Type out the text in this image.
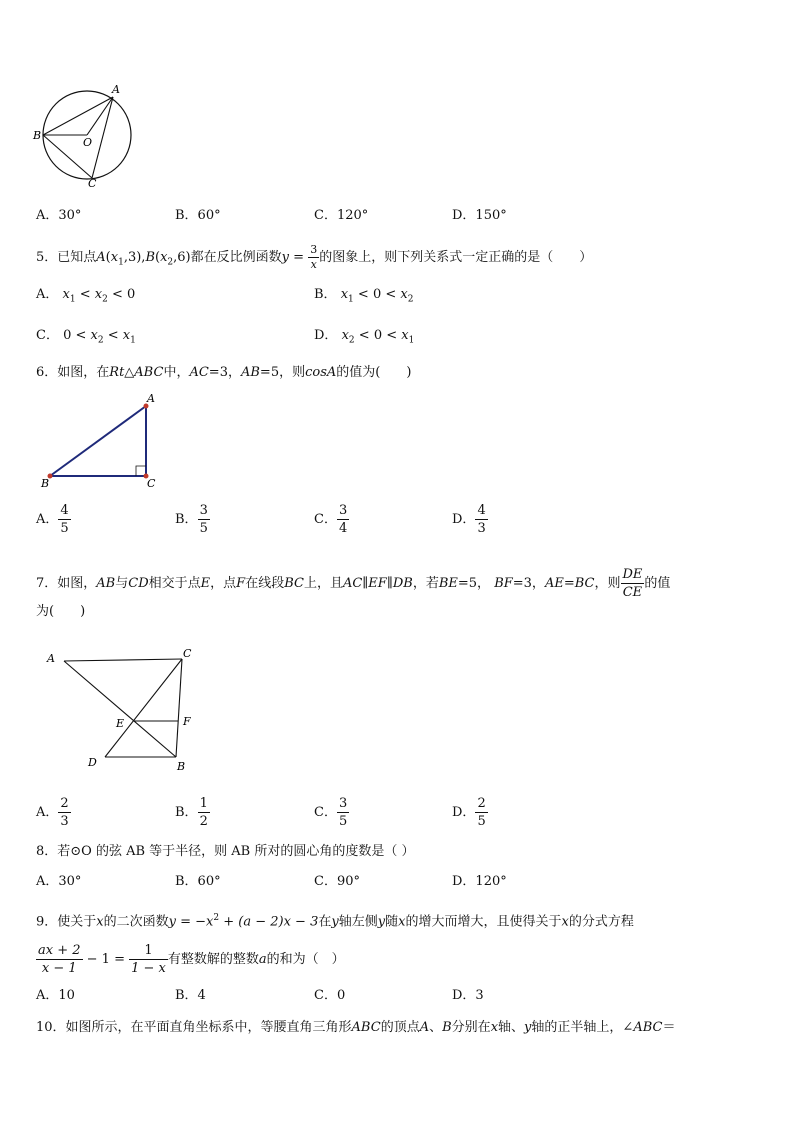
A
B
O
C
A．30°	B．60°	C．120°	D．150°
5．已知点$A(x_1,3),B(x_2,6)$都在反比例函数$y = \frac{3}{x}$ 的图象上，则下列关系式一定正确的是（　　）
A． $x_1 < x_2 < 0$	B． $x_1 < 0 < x_2$
C． $0 < x_2 < x_1$	D． $x_2 < 0 < x_1$
6．如图，在Rt△ABC中，AC=3，AB=5，则cosA的值为(　　)
A
B	C
A． $\frac{4}{5}$	B． $\frac{3}{5}$	C． $\frac{3}{4}$	D． $\frac{4}{3}$
7．如图，AB与CD相交于点E，点F在线段BC上，且AC∥EF∥DB，若BE=5， BF=3，AE=BC，则 $\frac{DE}{CE}$ 的值
为(　　)
A	C
E	F
D	B
A． $\frac{2}{3}$	B． $\frac{1}{2}$	C． $\frac{3}{5}$	D． $\frac{2}{5}$
8．若⊙O 的弦 AB 等于半径，则 AB 所对的圆心角的度数是（ ）
A．30°	B．60°	C．90°	D．120°
9．使关于x的二次函数$y = -x^2 + (a - 2)x - 3$在y轴左侧y随x的增大而增大，且使得关于x的分式方程
$\frac{ax + 2}{x - 1} - 1 = \frac{1}{1 - x}$ 有整数解的整数a的和为（　）
A．10	B．4	C．0	D．3
10．如图所示，在平面直角坐标系中，等腰直角三角形ABC的顶点A、B分别在x轴、y轴的正半轴上，∠ABC＝
